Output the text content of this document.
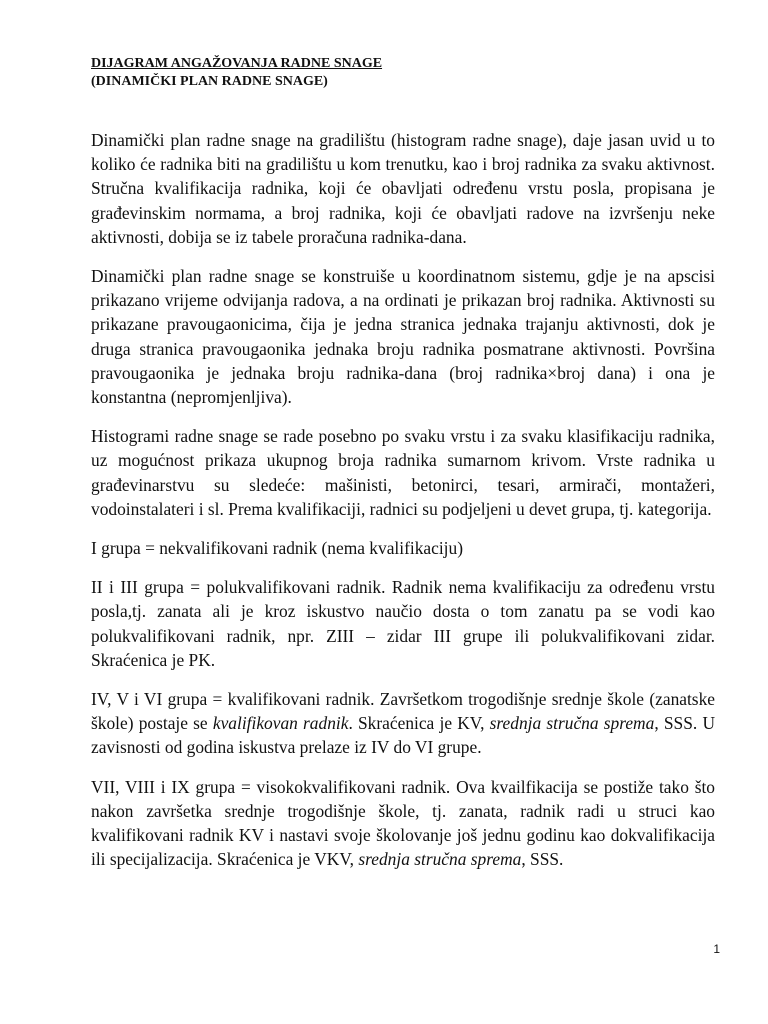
DIJAGRAM ANGAŽOVANJA RADNE SNAGE
(DINAMIČKI PLAN RADNE SNAGE)

Dinamički plan radne snage na gradilištu (histogram radne snage), daje jasan uvid u to koliko će radnika biti na gradilištu u kom trenutku, kao i broj radnika za svaku aktivnost. Stručna kvalifikacija radnika, koji će obavljati određenu vrstu posla, propisana je građevinskim normama, a broj radnika, koji će obavljati radove na izvršenju neke aktivnosti, dobija se iz tabele proračuna radnika-dana.

Dinamički plan radne snage se konstruiše u koordinatnom sistemu, gdje je na apscisi prikazano vrijeme odvijanja radova, a na ordinati je prikazan broj radnika. Aktivnosti su prikazane pravougaonicima, čija je jedna stranica jednaka trajanju aktivnosti, dok je druga stranica pravougaonika jednaka broju radnika posmatrane aktivnosti. Površina pravougaonika je jednaka broju radnika-dana (broj radnika×broj dana) i ona je konstantna (nepromjenljiva).

Histogrami radne snage se rade posebno po svaku vrstu i za svaku klasifikaciju radnika, uz mogućnost prikaza ukupnog broja radnika sumarnom krivom. Vrste radnika u građevinarstvu su sledeće: mašinisti, betonirci, tesari, armirači, montažeri, vodoinstalateri i sl. Prema kvalifikaciji, radnici su podjeljeni u devet grupa, tj. kategorija.

I grupa = nekvalifikovani radnik (nema kvalifikaciju)

II i III grupa = polukvalifikovani radnik. Radnik nema kvalifikaciju za određenu vrstu posla,tj. zanata ali je kroz iskustvo naučio dosta o tom zanatu pa se vodi kao polukvalifikovani radnik, npr. ZIII – zidar III grupe ili polukvalifikovani zidar. Skraćenica je PK.

IV, V i VI grupa = kvalifikovani radnik. Završetkom trogodišnje srednje škole (zanatske škole) postaje se kvalifikovan radnik. Skraćenica je KV, srednja stručna sprema, SSS. U zavisnosti od godina iskustva prelaze iz IV do VI grupe.

VII, VIII i IX grupa = visokokvalifikovani radnik. Ova kvailfikacija se postiže tako što nakon završetka srednje trogodišnje škole, tj. zanata, radnik radi u struci kao kvalifikovani radnik KV i nastavi svoje školovanje još jednu godinu kao dokvalifikacija ili specijalizacija. Skraćenica je VKV, srednja stručna sprema, SSS.

1
